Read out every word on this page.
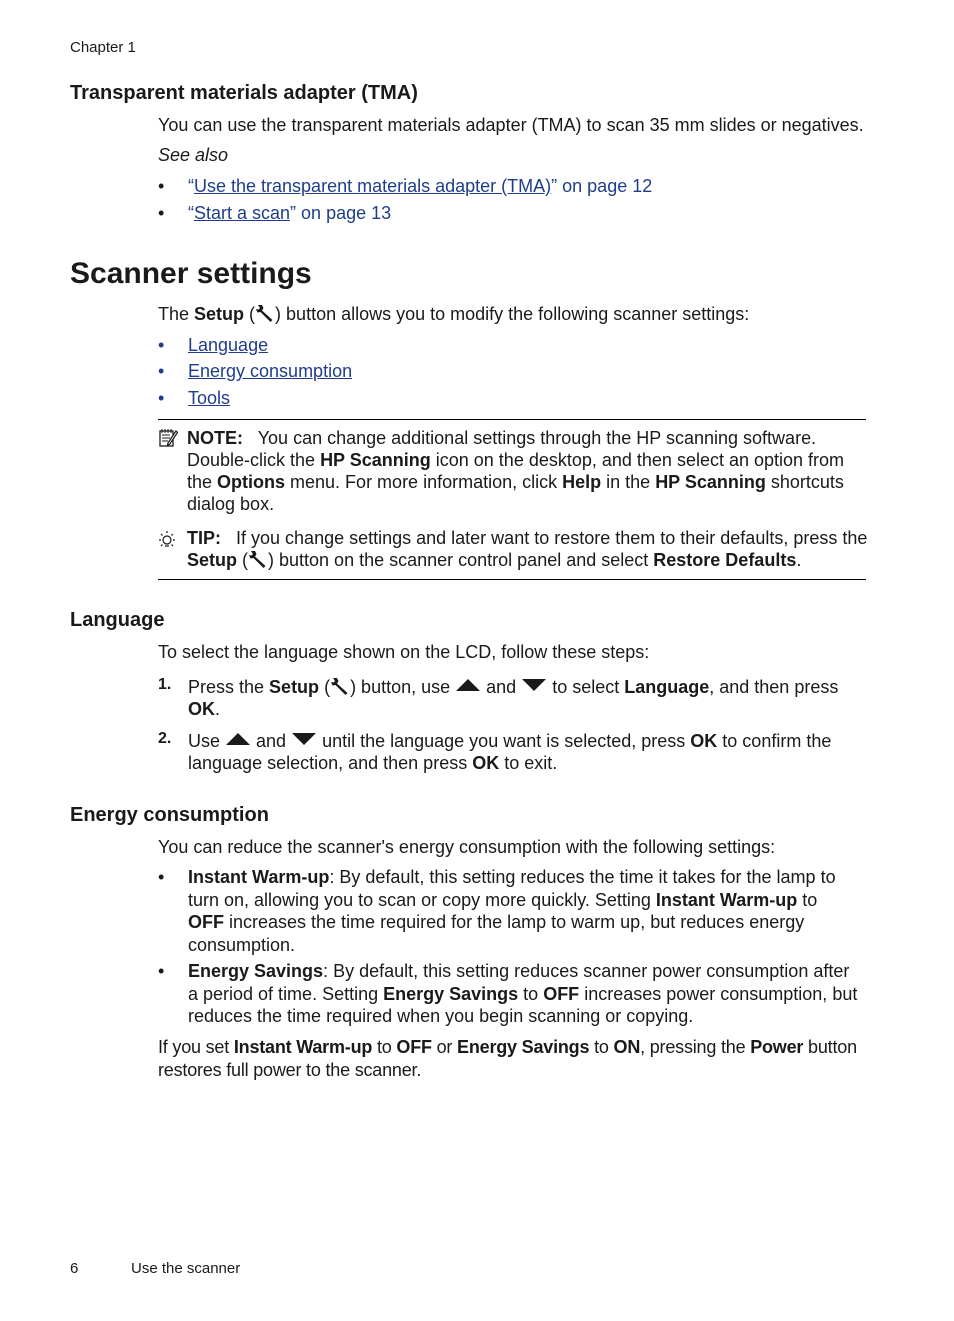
Chapter 1
Transparent materials adapter (TMA)
You can use the transparent materials adapter (TMA) to scan 35 mm slides or negatives.
See also
• “Use the transparent materials adapter (TMA)” on page 12
• “Start a scan” on page 13
Scanner settings
The Setup ( ) button allows you to modify the following scanner settings:
• Language
• Energy consumption
• Tools
NOTE: You can change additional settings through the HP scanning software.
Double-click the HP Scanning icon on the desktop, and then select an option from
the Options menu. For more information, click Help in the HP Scanning shortcuts
dialog box.
TIP: If you change settings and later want to restore them to their defaults, press the
Setup ( ) button on the scanner control panel and select Restore Defaults.
Language
To select the language shown on the LCD, follow these steps:
1. Press the Setup ( ) button, use  and  to select Language, and then press
OK.
2. Use  and  until the language you want is selected, press OK to confirm the
language selection, and then press OK to exit.
Energy consumption
You can reduce the scanner's energy consumption with the following settings:
• Instant Warm-up: By default, this setting reduces the time it takes for the lamp to
turn on, allowing you to scan or copy more quickly. Setting Instant Warm-up to
OFF increases the time required for the lamp to warm up, but reduces energy
consumption.
• Energy Savings: By default, this setting reduces scanner power consumption after
a period of time. Setting Energy Savings to OFF increases power consumption, but
reduces the time required when you begin scanning or copying.
If you set Instant Warm-up to OFF or Energy Savings to ON, pressing the Power button
restores full power to the scanner.
6	Use the scanner
